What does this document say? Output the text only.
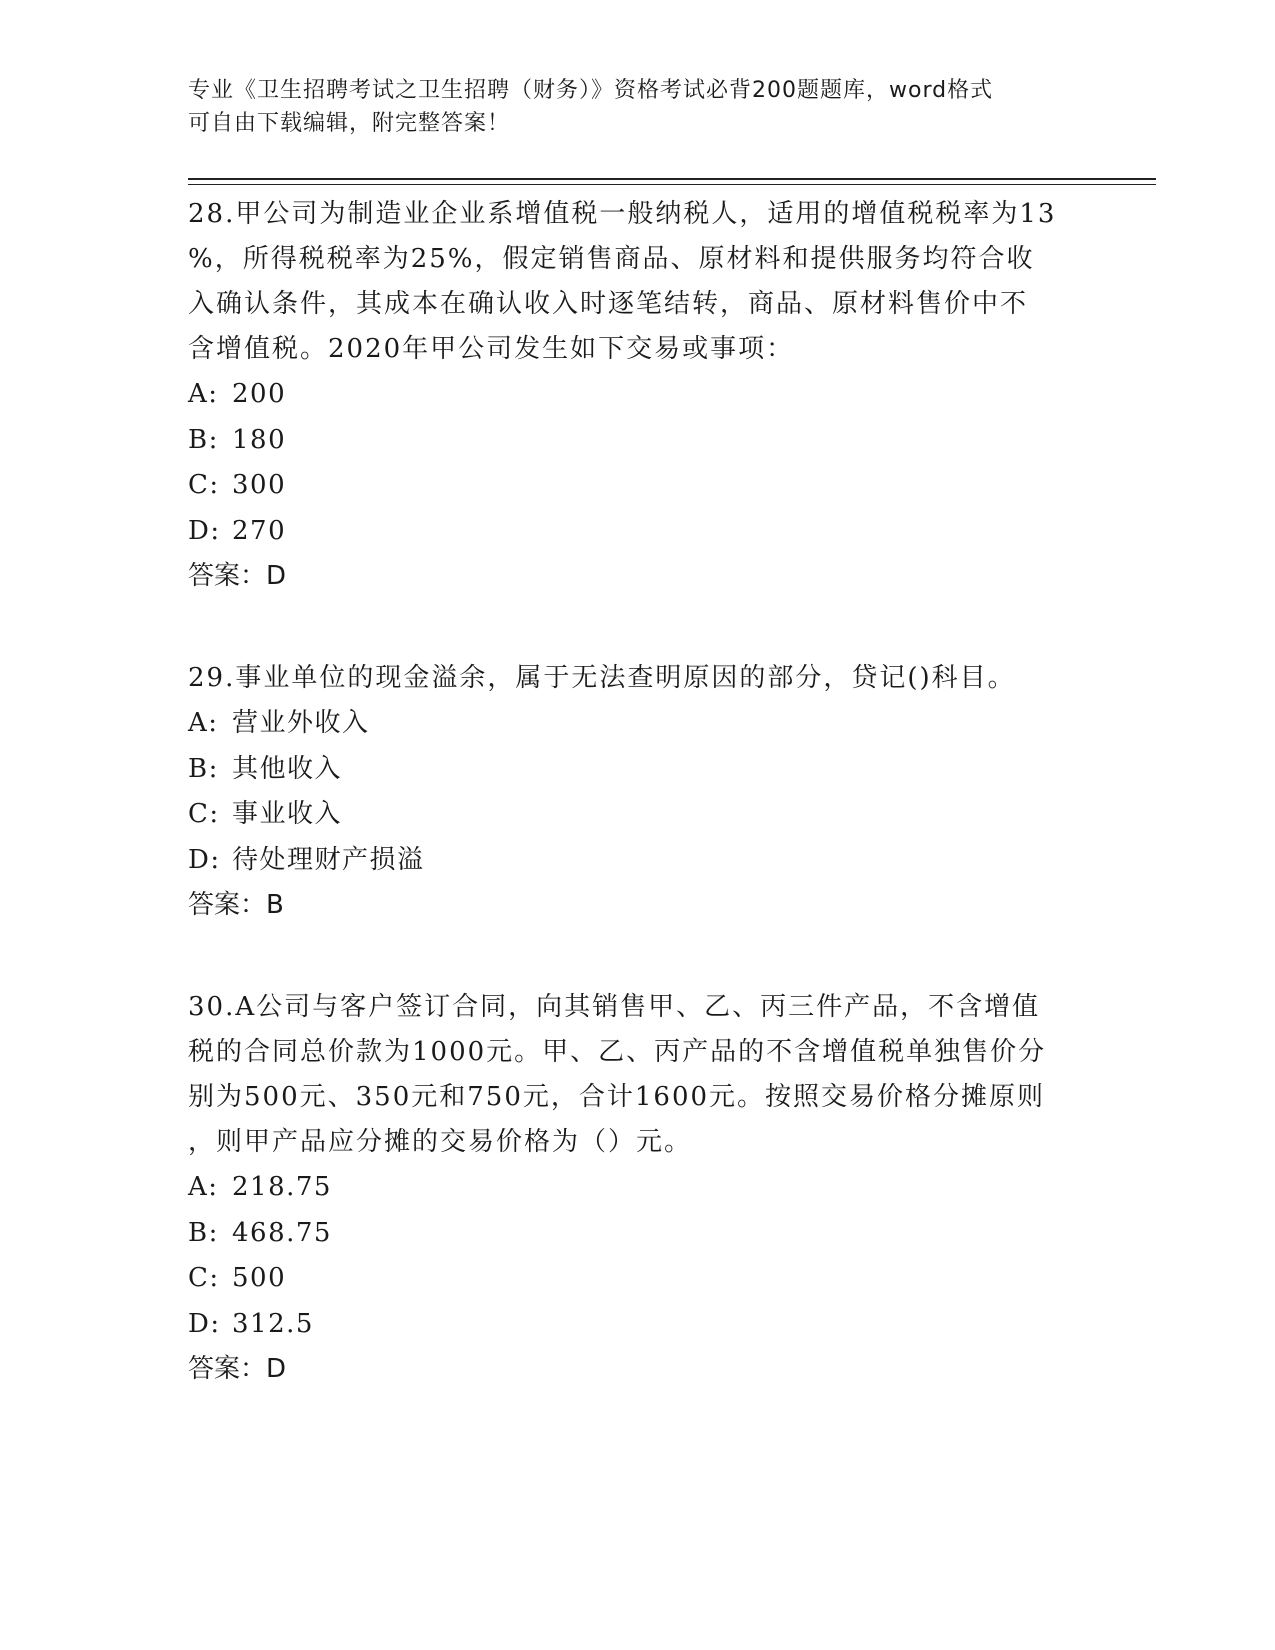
专业《卫生招聘考试之卫生招聘（财务）》资格考试必背200题题库，word格式

可自由下载编辑，附完整答案！

28.甲公司为制造业企业系增值税一般纳税人，适用的增值税税率为13
%，所得税税率为25%，假定销售商品、原材料和提供服务均符合收
入确认条件，其成本在确认收入时逐笔结转，商品、原材料售价中不
含增值税。2020年甲公司发生如下交易或事项：

A: 200
B: 180
C: 300
D: 270
答案：D

29.事业单位的现金溢余，属于无法查明原因的部分，贷记()科目。

A: 营业外收入
B: 其他收入
C: 事业收入
D: 待处理财产损溢
答案：B

30.A公司与客户签订合同，向其销售甲、乙、丙三件产品，不含增值
税的合同总价款为1000元。甲、乙、丙产品的不含增值税单独售价分
别为500元、350元和750元，合计1600元。按照交易价格分摊原则
，则甲产品应分摊的交易价格为（）元。

A: 218.75
B: 468.75
C: 500
D: 312.5
答案：D
